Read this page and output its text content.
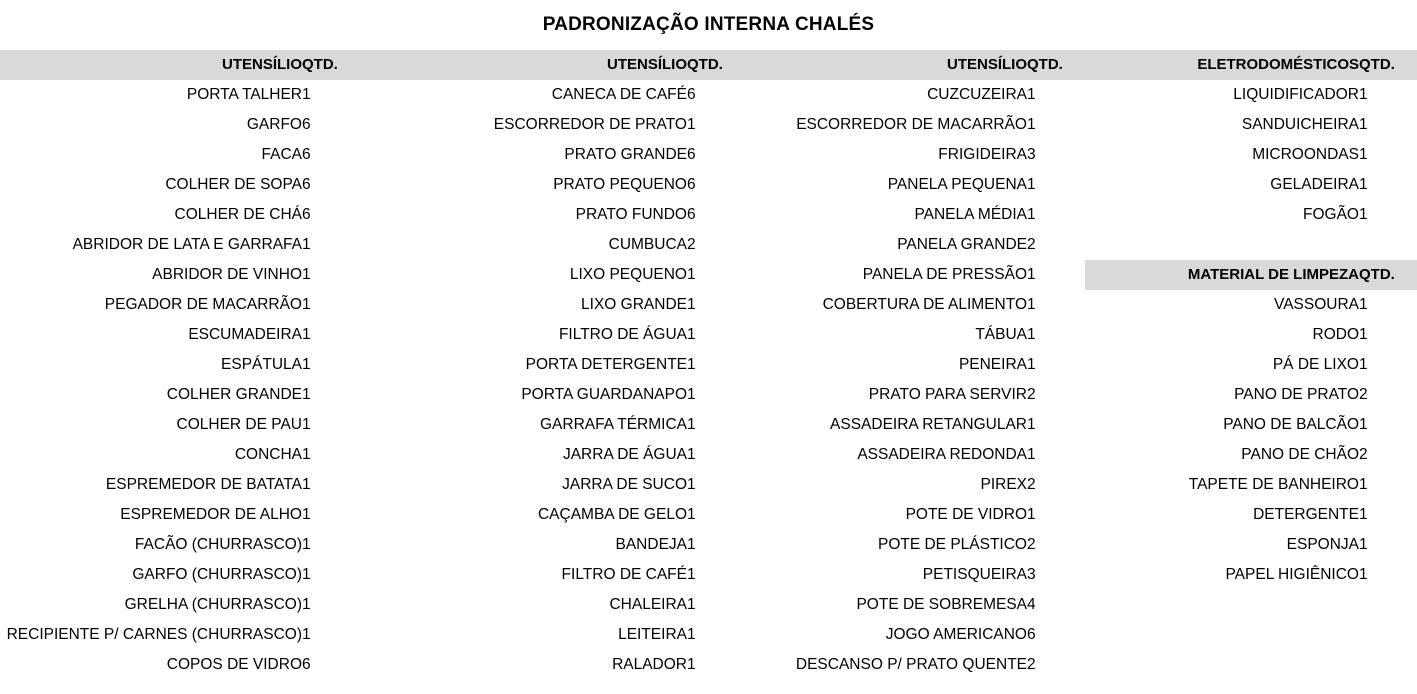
PADRONIZAÇÃO INTERNA CHALÉS
UTENSÍLIO	QTD.
PORTA TALHER	1
GARFO	6
FACA	6
COLHER DE SOPA	6
COLHER DE CHÁ	6
ABRIDOR DE LATA E GARRAFA	1
ABRIDOR DE VINHO	1
PEGADOR DE MACARRÃO	1
ESCUMADEIRA	1
ESPÁTULA	1
COLHER GRANDE	1
COLHER DE PAU	1
CONCHA	1
ESPREMEDOR DE BATATA	1
ESPREMEDOR DE ALHO	1
FACÃO (CHURRASCO)	1
GARFO (CHURRASCO)	1
GRELHA (CHURRASCO)	1
RECIPIENTE P/ CARNES (CHURRASCO)	1
COPOS DE VIDRO	6
UTENSÍLIO	QTD.
CANECA DE CAFÉ	6
ESCORREDOR DE PRATO	1
PRATO GRANDE	6
PRATO PEQUENO	6
PRATO FUNDO	6
CUMBUCA	2
LIXO PEQUENO	1
LIXO GRANDE	1
FILTRO DE ÁGUA	1
PORTA DETERGENTE	1
PORTA GUARDANAPO	1
GARRAFA TÉRMICA	1
JARRA DE ÁGUA	1
JARRA DE SUCO	1
CAÇAMBA DE GELO	1
BANDEJA	1
FILTRO DE CAFÉ	1
CHALEIRA	1
LEITEIRA	1
RALADOR	1
UTENSÍLIO	QTD.
CUZCUZEIRA	1
ESCORREDOR DE MACARRÃO	1
FRIGIDEIRA	3
PANELA PEQUENA	1
PANELA MÉDIA	1
PANELA GRANDE	2
PANELA DE PRESSÃO	1
COBERTURA DE ALIMENTO	1
TÁBUA	1
PENEIRA	1
PRATO PARA SERVIR	2
ASSADEIRA RETANGULAR	1
ASSADEIRA REDONDA	1
PIREX	2
POTE DE VIDRO	1
POTE DE PLÁSTICO	2
PETISQUEIRA	3
POTE DE SOBREMESA	4
JOGO AMERICANO	6
DESCANSO P/ PRATO QUENTE	2
ELETRODOMÉSTICOS	QTD.
LIQUIDIFICADOR	1
SANDUICHEIRA	1
MICROONDAS	1
GELADEIRA	1
FOGÃO	1
MATERIAL DE LIMPEZA	QTD.
VASSOURA	1
RODO	1
PÁ DE LIXO	1
PANO DE PRATO	2
PANO DE BALCÃO	1
PANO DE CHÃO	2
TAPETE DE BANHEIRO	1
DETERGENTE	1
ESPONJA	1
PAPEL HIGIÊNICO	1
